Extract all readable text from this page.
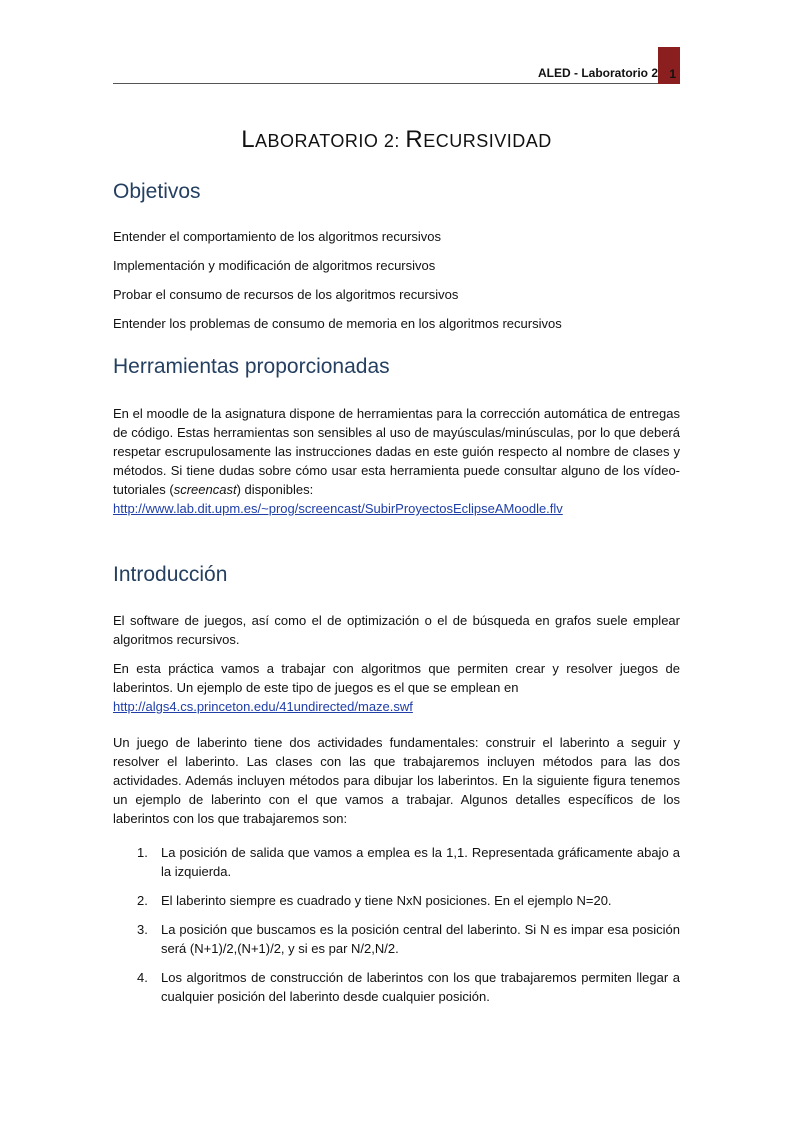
ALED - Laboratorio 2 1
LABORATORIO 2: RECURSIVIDAD
Objetivos

Entender el comportamiento de los algoritmos recursivos

Implementación y modificación de algoritmos recursivos

Probar el consumo de recursos de los algoritmos recursivos

Entender los problemas de consumo de memoria en los algoritmos recursivos

Herramientas proporcionadas

En el moodle de la asignatura dispone de herramientas para la corrección automática de entregas de código. Estas herramientas son sensibles al uso de mayúsculas/minúsculas, por lo que deberá respetar escrupulosamente las instrucciones dadas en este guión respecto al nombre de clases y métodos. Si tiene dudas sobre cómo usar esta herramienta puede consultar alguno de los vídeo-tutoriales (screencast) disponibles:
http://www.lab.dit.upm.es/~prog/screencast/SubirProyectosEclipseAMoodle.flv

Introducción

El software de juegos, así como el de optimización o el de búsqueda en grafos suele emplear algoritmos recursivos.

En esta práctica vamos a trabajar con algoritmos que permiten crear y resolver juegos de laberintos. Un ejemplo de este tipo de juegos es el que se emplean en
http://algs4.cs.princeton.edu/41undirected/maze.swf

Un juego de laberinto tiene dos actividades fundamentales: construir el laberinto a seguir y resolver el laberinto. Las clases con las que trabajaremos incluyen métodos para las dos actividades. Además incluyen métodos para dibujar los laberintos. En la siguiente figura tenemos un ejemplo de laberinto con el que vamos a trabajar. Algunos detalles específicos de los laberintos con los que trabajaremos son:

1.	La posición de salida que vamos a emplea es la 1,1. Representada gráficamente abajo a la izquierda.
2.	El laberinto siempre es cuadrado y tiene NxN posiciones. En el ejemplo N=20.
3.	La posición que buscamos es la posición central del laberinto. Si N es impar esa posición será (N+1)/2,(N+1)/2, y si es par N/2,N/2.
4.	Los algoritmos de construcción de laberintos con los que trabajaremos permiten llegar a cualquier posición del laberinto desde cualquier posición.
